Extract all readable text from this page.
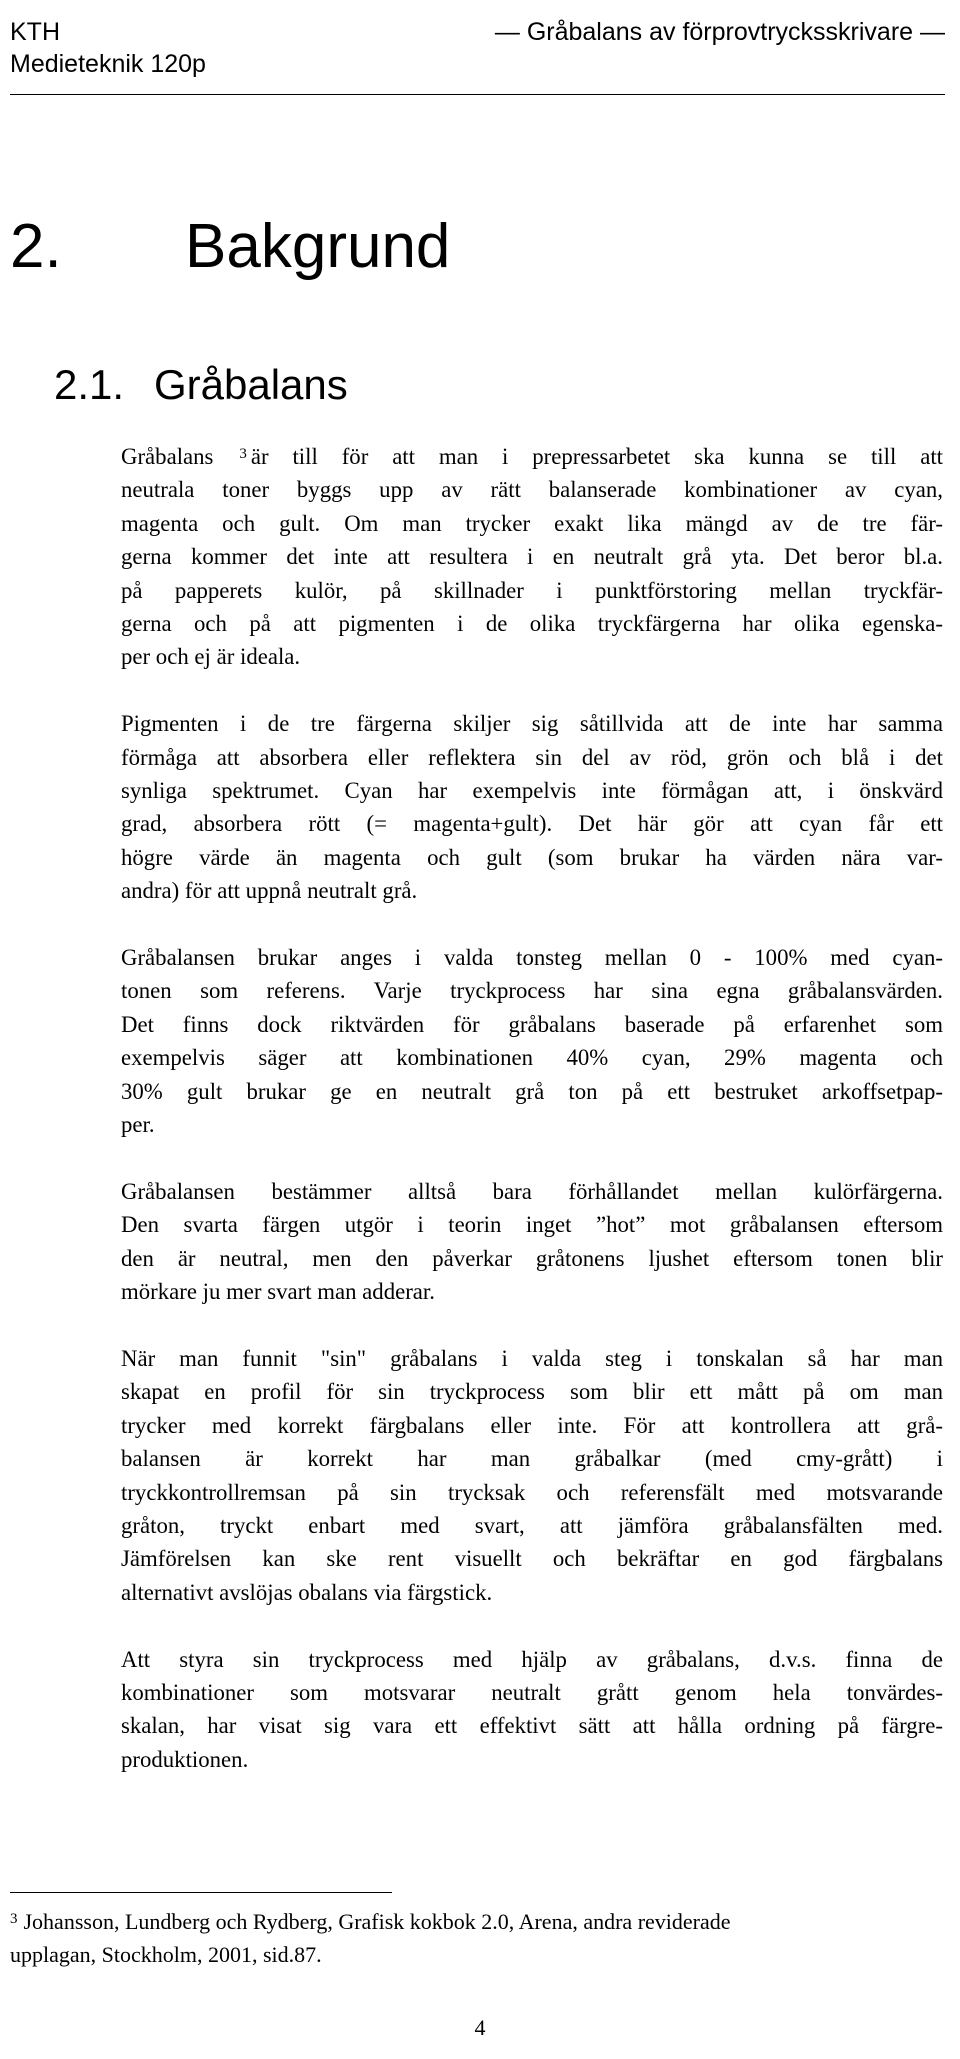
KTH
Medieteknik 120p
— Gråbalans av förprovtrycksskrivare —
2. Bakgrund
2.1. Gråbalans
Gråbalans $^3$ är till för att man i prepressarbetet ska kunna se till att
neutrala toner byggs upp av rätt balanserade kombinationer av cyan,
magenta och gult. Om man trycker exakt lika mängd av de tre fär-
gerna kommer det inte att resultera i en neutralt grå yta. Det beror bl.a.
på papperets kulör, på skillnader i punktförstoring mellan tryckfär-
gerna och på att pigmenten i de olika tryckfärgerna har olika egenska-
per och ej är ideala.
Pigmenten i de tre färgerna skiljer sig såtillvida att de inte har samma
förmåga att absorbera eller reflektera sin del av röd, grön och blå i det
synliga spektrumet. Cyan har exempelvis inte förmågan att, i önskvärd
grad, absorbera rött (= magenta+gult). Det här gör att cyan får ett
högre värde än magenta och gult (som brukar ha värden nära var-
andra) för att uppnå neutralt grå.
Gråbalansen brukar anges i valda tonsteg mellan 0 - 100% med cyan-
tonen som referens. Varje tryckprocess har sina egna gråbalansvärden.
Det finns dock riktvärden för gråbalans baserade på erfarenhet som
exempelvis säger att kombinationen 40% cyan, 29% magenta och
30% gult brukar ge en neutralt grå ton på ett bestruket arkoffsetpap-
per.
Gråbalansen bestämmer alltså bara förhållandet mellan kulörfärgerna.
Den svarta färgen utgör i teorin inget ”hot” mot gråbalansen eftersom
den är neutral, men den påverkar gråtonens ljushet eftersom tonen blir
mörkare ju mer svart man adderar.
När man funnit "sin" gråbalans i valda steg i tonskalan så har man
skapat en profil för sin tryckprocess som blir ett mått på om man
trycker med korrekt färgbalans eller inte. För att kontrollera att grå-
balansen är korrekt har man gråbalkar (med cmy-grått) i
tryckkontrollremsan på sin trycksak och referensfält med motsvarande
gråton, tryckt enbart med svart, att jämföra gråbalansfälten med.
Jämförelsen kan ske rent visuellt och bekräftar en god färgbalans
alternativt avslöjas obalans via färgstick.
Att styra sin tryckprocess med hjälp av gråbalans, d.v.s. finna de
kombinationer som motsvarar neutralt grått genom hela tonvärdes-
skalan, har visat sig vara ett effektivt sätt att hålla ordning på färgre-
produktionen.
$^3$ Johansson, Lundberg och Rydberg, Grafisk kokbok 2.0, Arena, andra reviderade
upplagan, Stockholm, 2001, sid.87.
4
